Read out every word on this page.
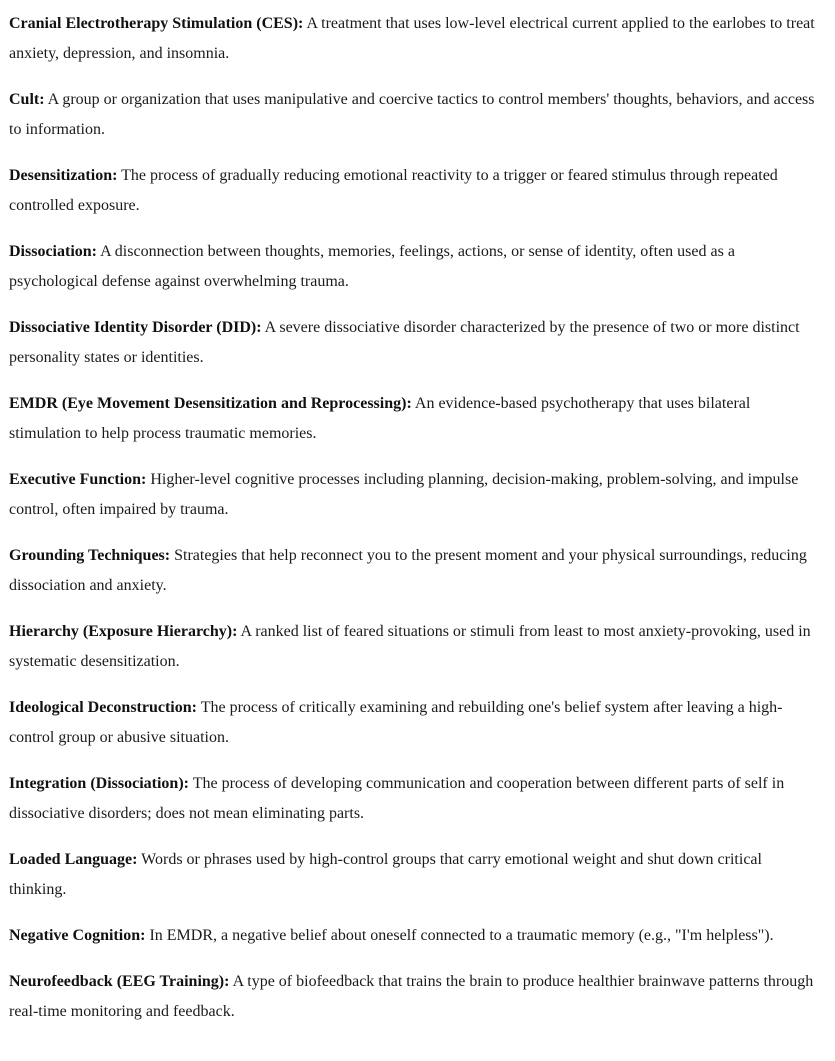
Cranial Electrotherapy Stimulation (CES): A treatment that uses low-level electrical current applied to the earlobes to treat anxiety, depression, and insomnia.

Cult: A group or organization that uses manipulative and coercive tactics to control members' thoughts, behaviors, and access to information.

Desensitization: The process of gradually reducing emotional reactivity to a trigger or feared stimulus through repeated controlled exposure.

Dissociation: A disconnection between thoughts, memories, feelings, actions, or sense of identity, often used as a psychological defense against overwhelming trauma.

Dissociative Identity Disorder (DID): A severe dissociative disorder characterized by the presence of two or more distinct personality states or identities.

EMDR (Eye Movement Desensitization and Reprocessing): An evidence-based psychotherapy that uses bilateral stimulation to help process traumatic memories.

Executive Function: Higher-level cognitive processes including planning, decision-making, problem-solving, and impulse control, often impaired by trauma.

Grounding Techniques: Strategies that help reconnect you to the present moment and your physical surroundings, reducing dissociation and anxiety.

Hierarchy (Exposure Hierarchy): A ranked list of feared situations or stimuli from least to most anxiety-provoking, used in systematic desensitization.

Ideological Deconstruction: The process of critically examining and rebuilding one's belief system after leaving a high-control group or abusive situation.

Integration (Dissociation): The process of developing communication and cooperation between different parts of self in dissociative disorders; does not mean eliminating parts.

Loaded Language: Words or phrases used by high-control groups that carry emotional weight and shut down critical thinking.

Negative Cognition: In EMDR, a negative belief about oneself connected to a traumatic memory (e.g., "I'm helpless").

Neurofeedback (EEG Training): A type of biofeedback that trains the brain to produce healthier brainwave patterns through real-time monitoring and feedback.
